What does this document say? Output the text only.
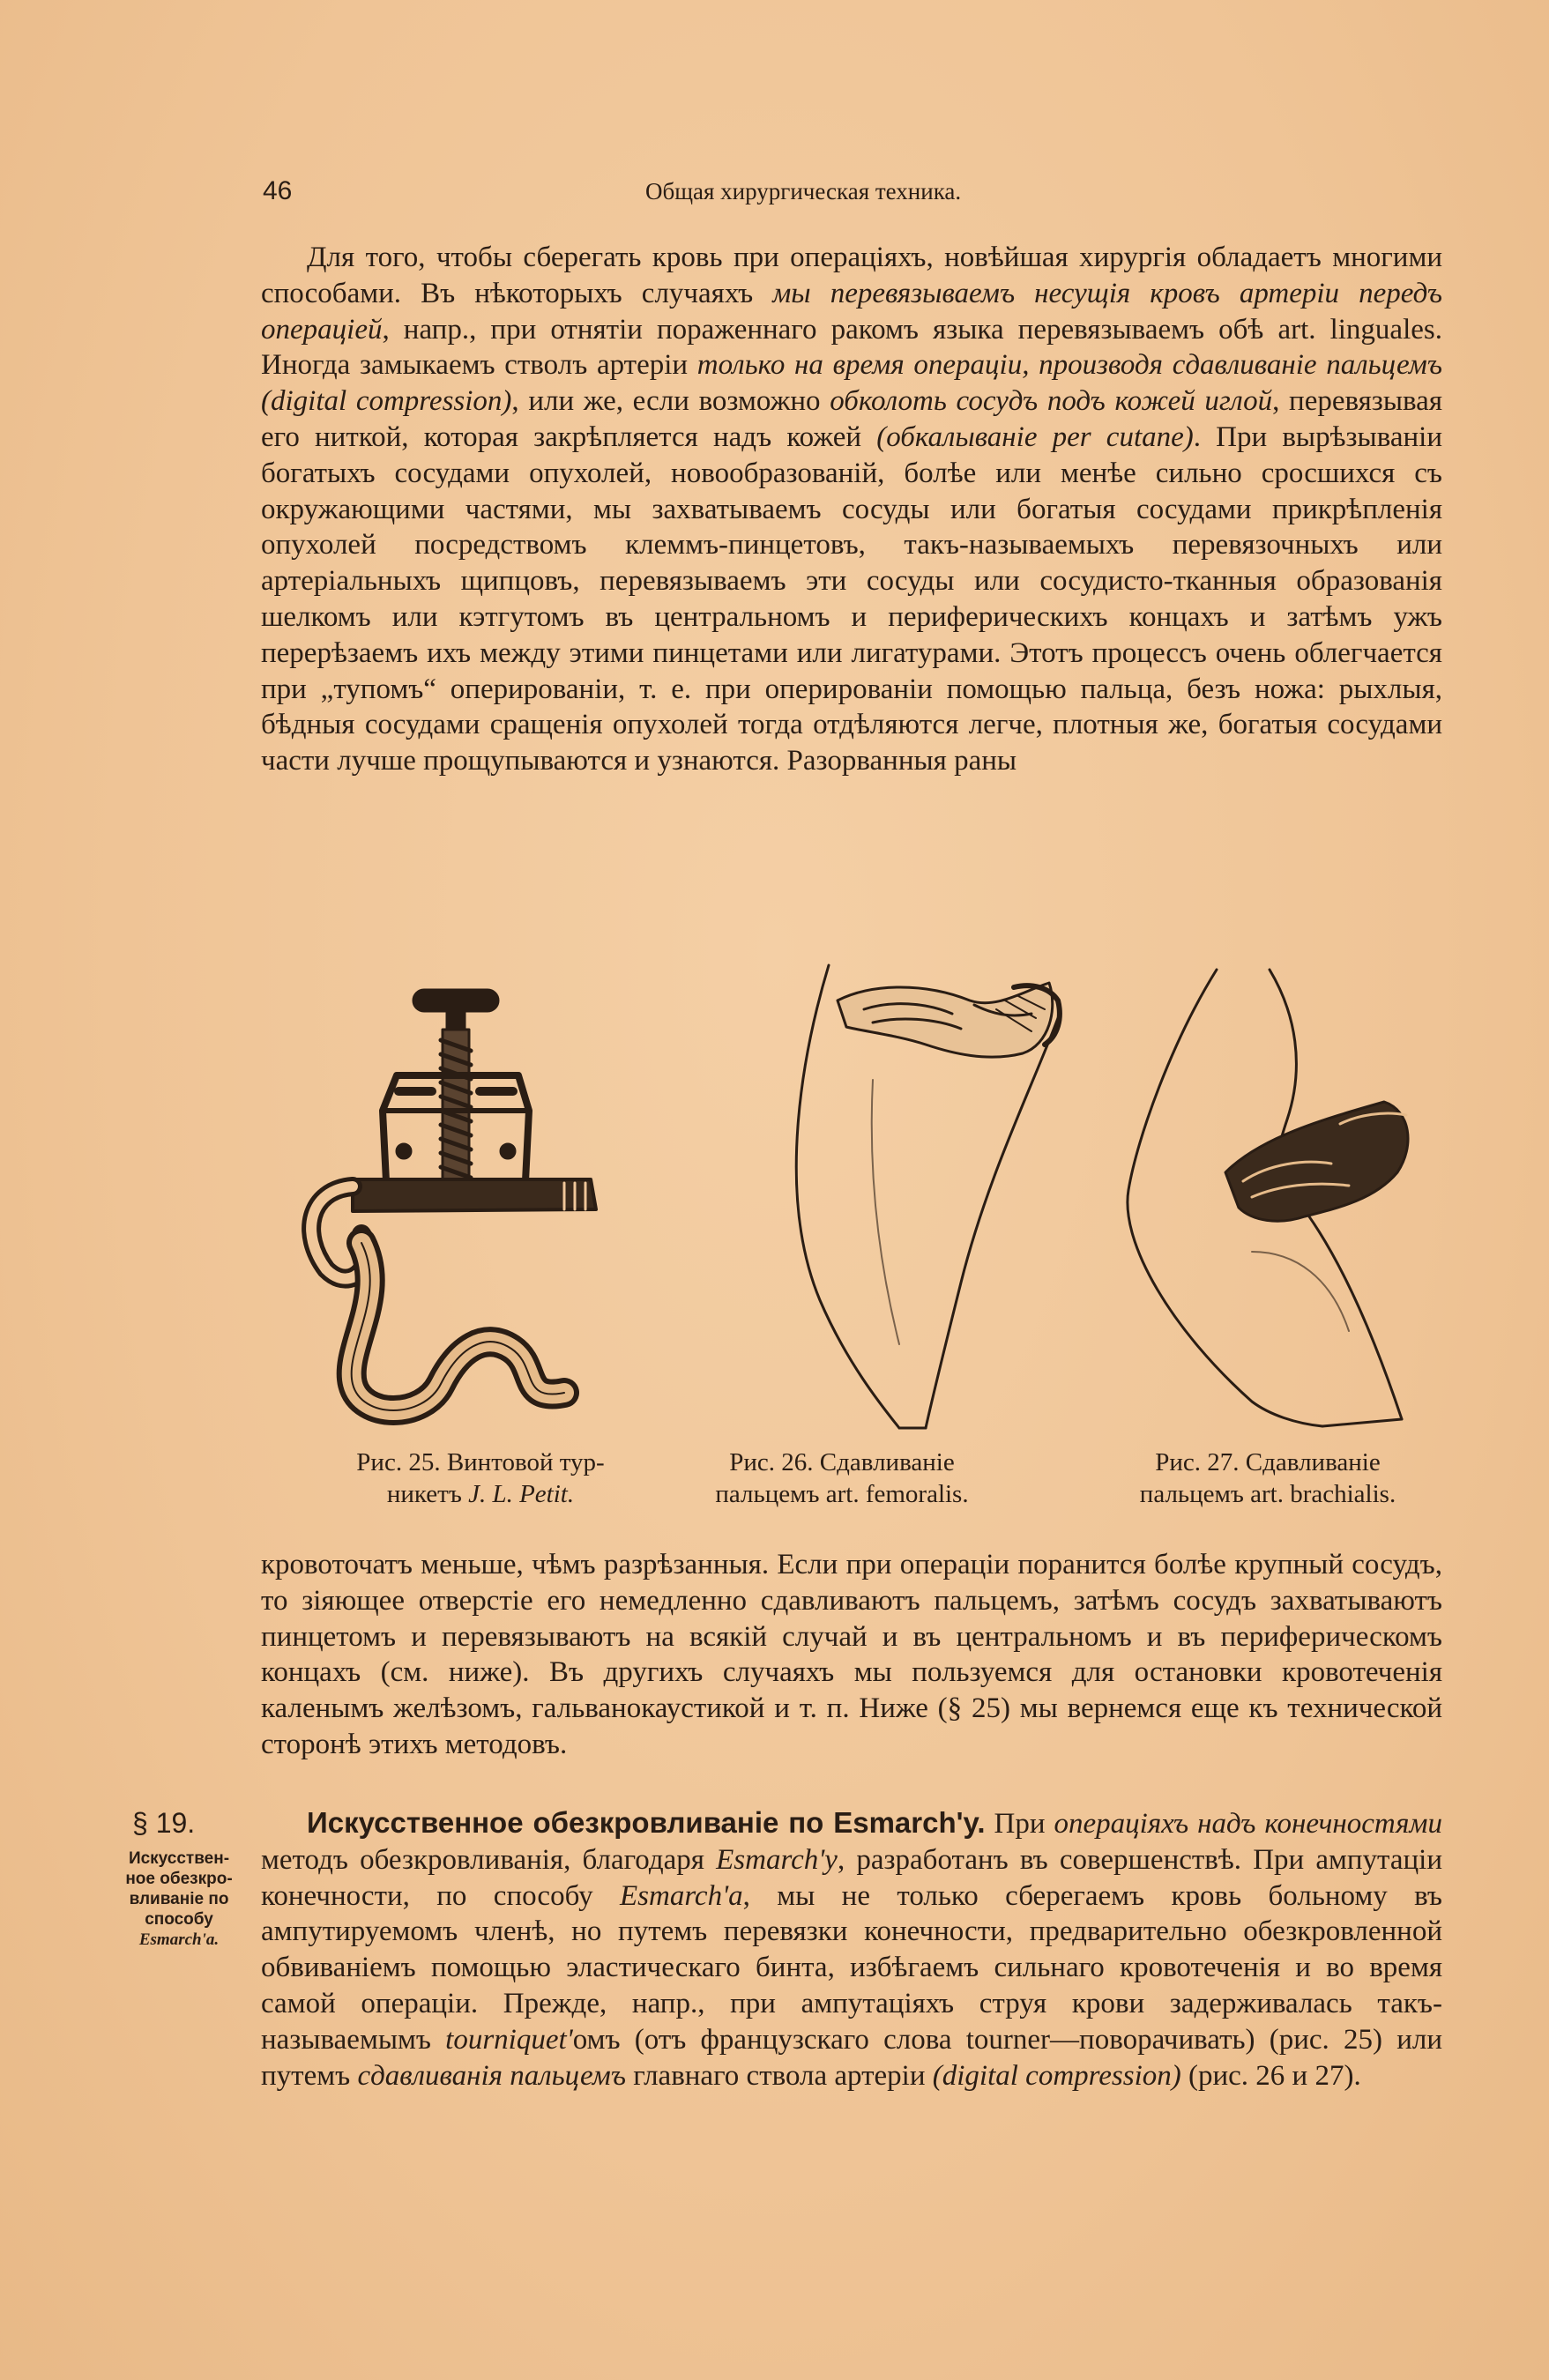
46	Общая хирургическая техника.

Для того, чтобы сберегать кровь при операціяхъ, новѣйшая хирургія обладаетъ многими способами. Въ нѣкоторыхъ случаяхъ мы перевязываемъ несущія кровъ артеріи передъ операціей, напр., при отнятіи пораженнаго ракомъ языка перевязываемъ обѣ art. linguales. Иногда замыкаемъ стволъ артеріи только на время операціи, производя сдавливаніе пальцемъ (digital compression), или же, если возможно обколоть сосудъ подъ кожей иглой, перевязывая его ниткой, которая закрѣпляется надъ кожей (обкалываніе per cutane). При вырѣзываніи богатыхъ сосудами опухолей, новообразованій, болѣе или менѣе сильно сросшихся съ окружающими частями, мы захватываемъ сосуды или богатыя сосудами прикрѣпленія опухолей посредствомъ клеммъ-пинцетовъ, такъ-называемыхъ перевязочныхъ или артеріальныхъ щипцовъ, перевязываемъ эти сосуды или сосудисто-тканныя образованія шелкомъ или кэтгутомъ въ центральномъ и периферическихъ концахъ и затѣмъ ужъ перерѣзаемъ ихъ между этими пинцетами или лигатурами. Этотъ процессъ очень облегчается при „тупомъ“ оперированіи, т. е. при оперированіи помощью пальца, безъ ножа: рыхлыя, бѣдныя сосудами сращенія опухолей тогда отдѣляются легче, плотныя же, богатыя сосудами части лучше прощупываются и узнаются. Разорванныя раны

Рис. 25. Винтовой тур-
никетъ J. L. Petit.
Рис. 26. Сдавливаніе
пальцемъ art. femoralis.
Рис. 27. Сдавливаніе
пальцемъ art. brachialis.

кровоточатъ меньше, чѣмъ разрѣзанныя. Если при операціи поранится болѣе крупный сосудъ, то зіяющее отверстіе его немедленно сдавливаютъ пальцемъ, затѣмъ сосудъ захватываютъ пинцетомъ и перевязываютъ на всякій случай и въ центральномъ и въ периферическомъ концахъ (см. ниже). Въ другихъ случаяхъ мы пользуемся для остановки кровотеченія каленымъ желѣзомъ, гальванокаустикой и т. п. Ниже (§ 25) мы вернемся еще къ технической сторонѣ этихъ методовъ.

§ 19.
Искусствен-
ное обезкро-
вливаніе по
способу
Esmarch'a.

Искусственное обезкровливаніе по Esmarch'y. При операціяхъ надъ конечностями методъ обезкровливанія, благодаря Esmarch'y, разработанъ въ совершенствѣ. При ампутаціи конечности, по способу Esmarch'a, мы не только сберегаемъ кровь больному въ ампутируемомъ членѣ, но путемъ перевязки конечности, предварительно обезкровленной обвиваніемъ помощью эластическаго бинта, избѣгаемъ сильнаго кровотеченія и во время самой операціи. Прежде, напр., при ампутаціяхъ струя крови задерживалась такъ-называемымъ tourniquet'омъ (отъ французскаго слова tourner—поворачивать) (рис. 25) или путемъ сдавливанія пальцемъ главнаго ствола артеріи (digital compression) (рис. 26 и 27).
